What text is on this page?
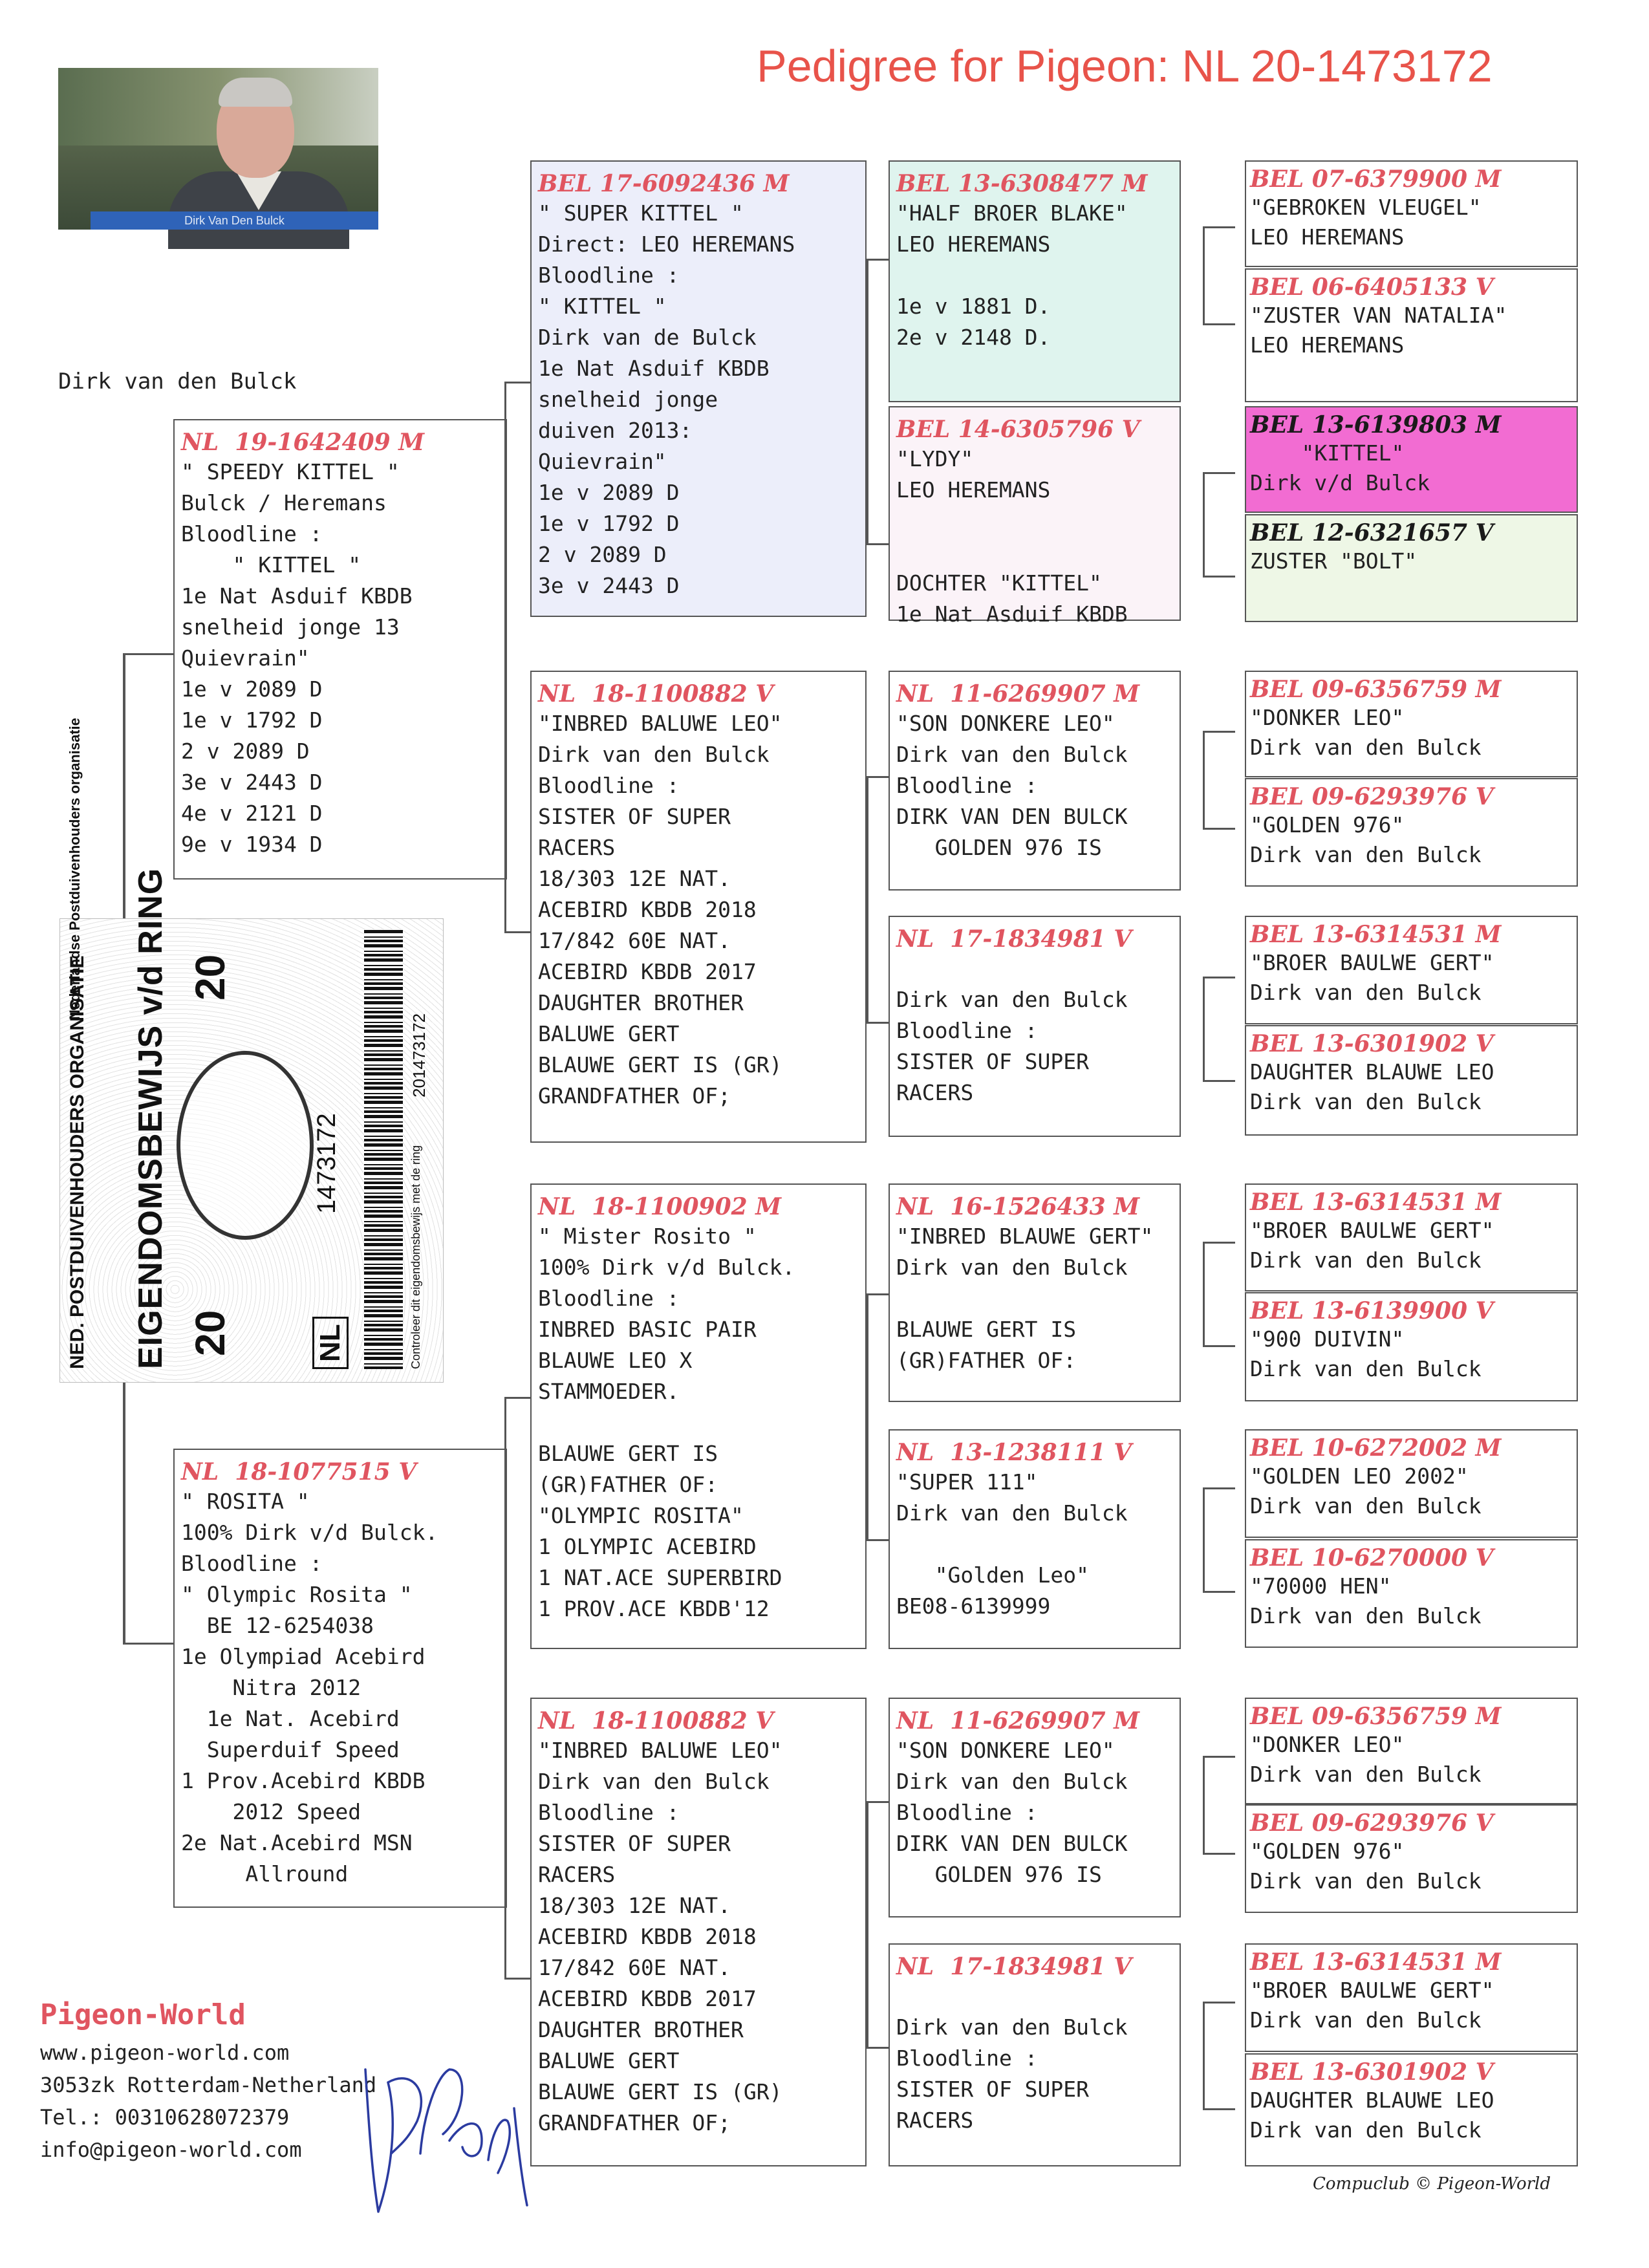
Pedigree for Pigeon: NL 20-1473172
Dirk Van Den Bulck
Dirk van den Bulck
NL  19-1642409 M
" SPEEDY KITTEL "
Bulck / Heremans
Bloodline :
" KITTEL "
1e Nat Asduif KBDB
snelheid jonge 13
Quievrain"
1e v 2089 D
1e v 1792 D
2 v 2089 D
3e v 2443 D
4e v 2121 D
9e v 1934 D
NL  18-1077515 V
" ROSITA "
100% Dirk v/d Bulck.
Bloodline :
" Olympic Rosita "
BE 12-6254038
1e Olympiad Acebird
Nitra 2012
1e Nat. Acebird
Superduif Speed
1 Prov.Acebird KBDB
2012 Speed
2e Nat.Acebird MSN
Allround
NED. POSTDUIVENHOUDERS ORGANISATIE EIGENDOMSBEWIJS v/d RING 20
20
Nederlandse Postduivenhouders organisatie
NL
1473172	Controleer dit eigendomsbewijs met de ring
201473172
BEL 17-6092436 M
" SUPER KITTEL "
Direct: LEO HEREMANS
Bloodline :
" KITTEL "
Dirk van de Bulck
1e Nat Asduif KBDB
snelheid jonge
duiven 2013:
Quievrain"
1e v 2089 D
1e v 1792 D
2 v 2089 D
3e v 2443 D
NL  18-1100882 V
"INBRED BALUWE LEO"
Dirk van den Bulck
Bloodline :
SISTER OF SUPER
RACERS
18/303 12E NAT.
ACEBIRD KBDB 2018
17/842 60E NAT.
ACEBIRD KBDB 2017
DAUGHTER BROTHER
BALUWE GERT
BLAUWE GERT IS (GR)
GRANDFATHER OF;
NL  18-1100902 M
" Mister Rosito "
100% Dirk v/d Bulck.
Bloodline :
INBRED BASIC PAIR
BLAUWE LEO X
STAMMOEDER.

BLAUWE GERT IS
(GR)FATHER OF:
"OLYMPIC ROSITA"
1 OLYMPIC ACEBIRD
1 NAT.ACE SUPERBIRD
1 PROV.ACE KBDB'12
NL  18-1100882 V
"INBRED BALUWE LEO"
Dirk van den Bulck
Bloodline :
SISTER OF SUPER
RACERS
18/303 12E NAT.
ACEBIRD KBDB 2018
17/842 60E NAT.
ACEBIRD KBDB 2017
DAUGHTER BROTHER
BALUWE GERT
BLAUWE GERT IS (GR)
GRANDFATHER OF;
BEL 13-6308477 M
"HALF BROER BLAKE"
LEO HEREMANS

1e v 1881 D.
2e v 2148 D.
BEL 14-6305796 V
"LYDY"
LEO HEREMANS

DOCHTER "KITTEL"
1e Nat Asduif KBDB
NL  11-6269907 M
"SON DONKERE LEO"
Dirk van den Bulck
Bloodline :
DIRK VAN DEN BULCK
GOLDEN 976 IS
NL  17-1834981 V

Dirk van den Bulck
Bloodline :
SISTER OF SUPER
RACERS
NL  16-1526433 M
"INBRED BLAUWE GERT"
Dirk van den Bulck

BLAUWE GERT IS
(GR)FATHER OF:
NL  13-1238111 V
"SUPER 111"
Dirk van den Bulck

"Golden Leo"
BE08-6139999
NL  11-6269907 M
"SON DONKERE LEO"
Dirk van den Bulck
Bloodline :
DIRK VAN DEN BULCK
GOLDEN 976 IS
NL  17-1834981 V

Dirk van den Bulck
Bloodline :
SISTER OF SUPER
RACERS
BEL 07-6379900 M
"GEBROKEN VLEUGEL"
LEO HEREMANS
BEL 06-6405133 V
"ZUSTER VAN NATALIA"
LEO HEREMANS
BEL 13-6139803 M
"KITTEL"
Dirk v/d Bulck
BEL 12-6321657 V
ZUSTER "BOLT"
BEL 09-6356759 M
"DONKER LEO"
Dirk van den Bulck
BEL 09-6293976 V
"GOLDEN 976"
Dirk van den Bulck
BEL 13-6314531 M
"BROER BAULWE GERT"
Dirk van den Bulck
BEL 13-6301902 V
DAUGHTER BLAUWE LEO
Dirk van den Bulck
BEL 13-6314531 M
"BROER BAULWE GERT"
Dirk van den Bulck
BEL 13-6139900 V
"900 DUIVIN"
Dirk van den Bulck
BEL 10-6272002 M
"GOLDEN LEO 2002"
Dirk van den Bulck
BEL 10-6270000 V
"70000 HEN"
Dirk van den Bulck
BEL 09-6356759 M
"DONKER LEO"
Dirk van den Bulck
BEL 09-6293976 V
"GOLDEN 976"
Dirk van den Bulck
BEL 13-6314531 M
"BROER BAULWE GERT"
Dirk van den Bulck
BEL 13-6301902 V
DAUGHTER BLAUWE LEO
Dirk van den Bulck
Pigeon-World
www.pigeon-world.com
3053zk Rotterdam-Netherland
Tel.: 00310628072379
info@pigeon-world.com
Compuclub © Pigeon-World
